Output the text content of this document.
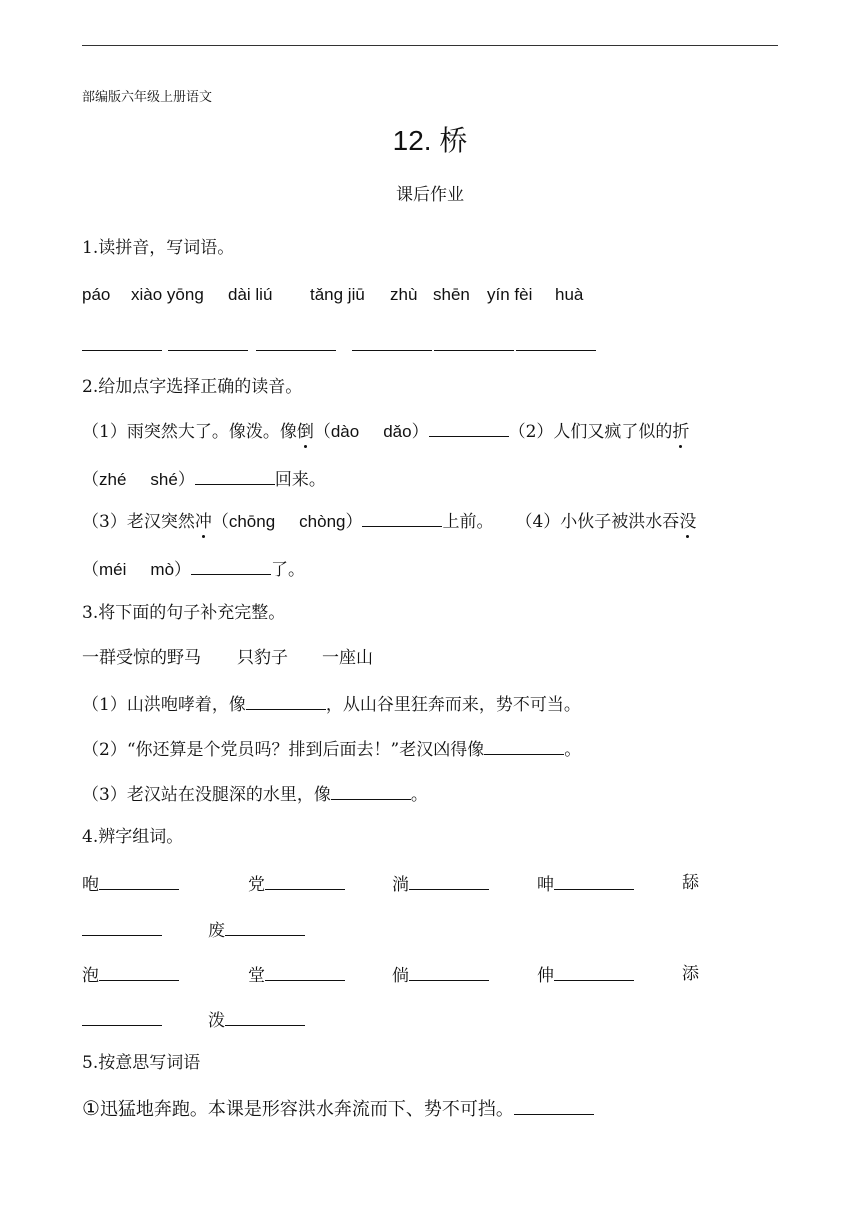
部编版六年级上册语文
12. 桥
课后作业
1.读拼音，写词语。
páo xiào yōng dài liú tǎng jiū zhù shēn yín fèi huà
2.给加点字选择正确的读音。
（1）雨突然大了。像泼。像倒（dào dǎo）	（2）人们又疯了似的折
（zhé shé）	回来。
（3）老汉突然冲（chōng chòng）	上前。 （4）小伙子被洪水吞没
（méi mò）	了。
3.将下面的句子补充完整。
一群受惊的野马 只豹子 一座山
（1）山洪咆哮着，像	，从山谷里狂奔而来，势不可当。
（2）“你还算是个党员吗？排到后面去！”老汉凶得像	。
（3）老汉站在没腿深的水里，像	。
4.辨字组词。
咆	党	淌	呻	舔
废
泡	堂	倘	伸	添
泼
5.按意思写词语
①迅猛地奔跑。本课是形容洪水奔流而下、势不可挡。
